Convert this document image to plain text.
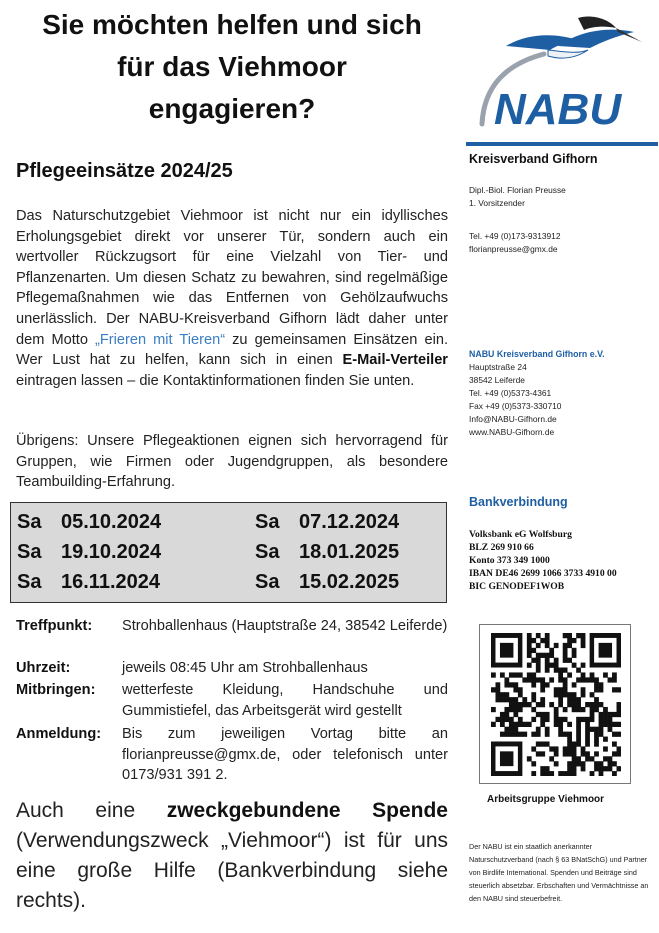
Sie möchten helfen und sich
für das Viehmoor
engagieren?
Pflegeeinsätze 2024/25

Das Naturschutzgebiet Viehmoor ist nicht nur ein idyllisches Erholungsgebiet direkt vor unserer Tür, sondern auch ein wertvoller Rückzugsort für eine Vielzahl von Tier- und Pflanzenarten. Um diesen Schatz zu bewahren, sind regelmäßige Pflegemaßnahmen wie das Entfernen von Gehölzaufwuchs unerlässlich. Der NABU-Kreisverband Gifhorn lädt daher unter dem Motto „Frieren mit Tieren“ zu gemeinsamen Einsätzen ein. Wer Lust hat zu helfen, kann sich in einen E-Mail-Verteiler eintragen lassen – die Kontaktinformationen finden Sie unten.

Übrigens: Unsere Pflegeaktionen eignen sich hervorragend für Gruppen, wie Firmen oder Jugendgruppen, als besondere Teambuilding-Erfahrung.

Sa 05.10.2024	Sa 07.12.2024
Sa 19.10.2024	Sa 18.01.2025
Sa 16.11.2024	Sa 15.02.2025
Treffpunkt:	Strohballenhaus (Hauptstraße 24, 38542 Leiferde)
Uhrzeit:	jeweils 08:45 Uhr am Strohballenhaus
Mitbringen:	wetterfeste Kleidung, Handschuhe und Gummistiefel, das Arbeitsgerät wird gestellt
Anmeldung:	Bis zum jeweiligen Vortag bitte an florianpreusse@gmx.de, oder telefonisch unter 0173/931 391 2.

Auch eine zweckgebundene Spende (Verwendungszweck „Viehmoor“) ist für uns eine große Hilfe (Bankverbindung siehe rechts).

NABU
Kreisverband Gifhorn
Dipl.-Biol. Florian Preusse
1. Vorsitzender
Tel. +49 (0)173-9313912
florianpreusse@gmx.de
NABU Kreisverband Gifhorn e.V.
Hauptstraße 24
38542 Leiferde
Tel. +49 (0)5373-4361
Fax +49 (0)5373-330710
Info@NABU-Gifhorn.de
www.NABU-Gifhorn.de
Bankverbindung
Volksbank eG Wolfsburg
BLZ 269 910 66
Konto 373 349 1000
IBAN DE46 2699 1066 3733 4910 00
BIC GENODEF1WOB
Arbeitsgruppe Viehmoor
Der NABU ist ein staatlich anerkannter Naturschutzverband (nach § 63 BNatSchG) und Partner von Birdlife International. Spenden und Beiträge sind steuerlich absetzbar. Erbschaften und Vermächtnisse an den NABU sind steuerbefreit.
